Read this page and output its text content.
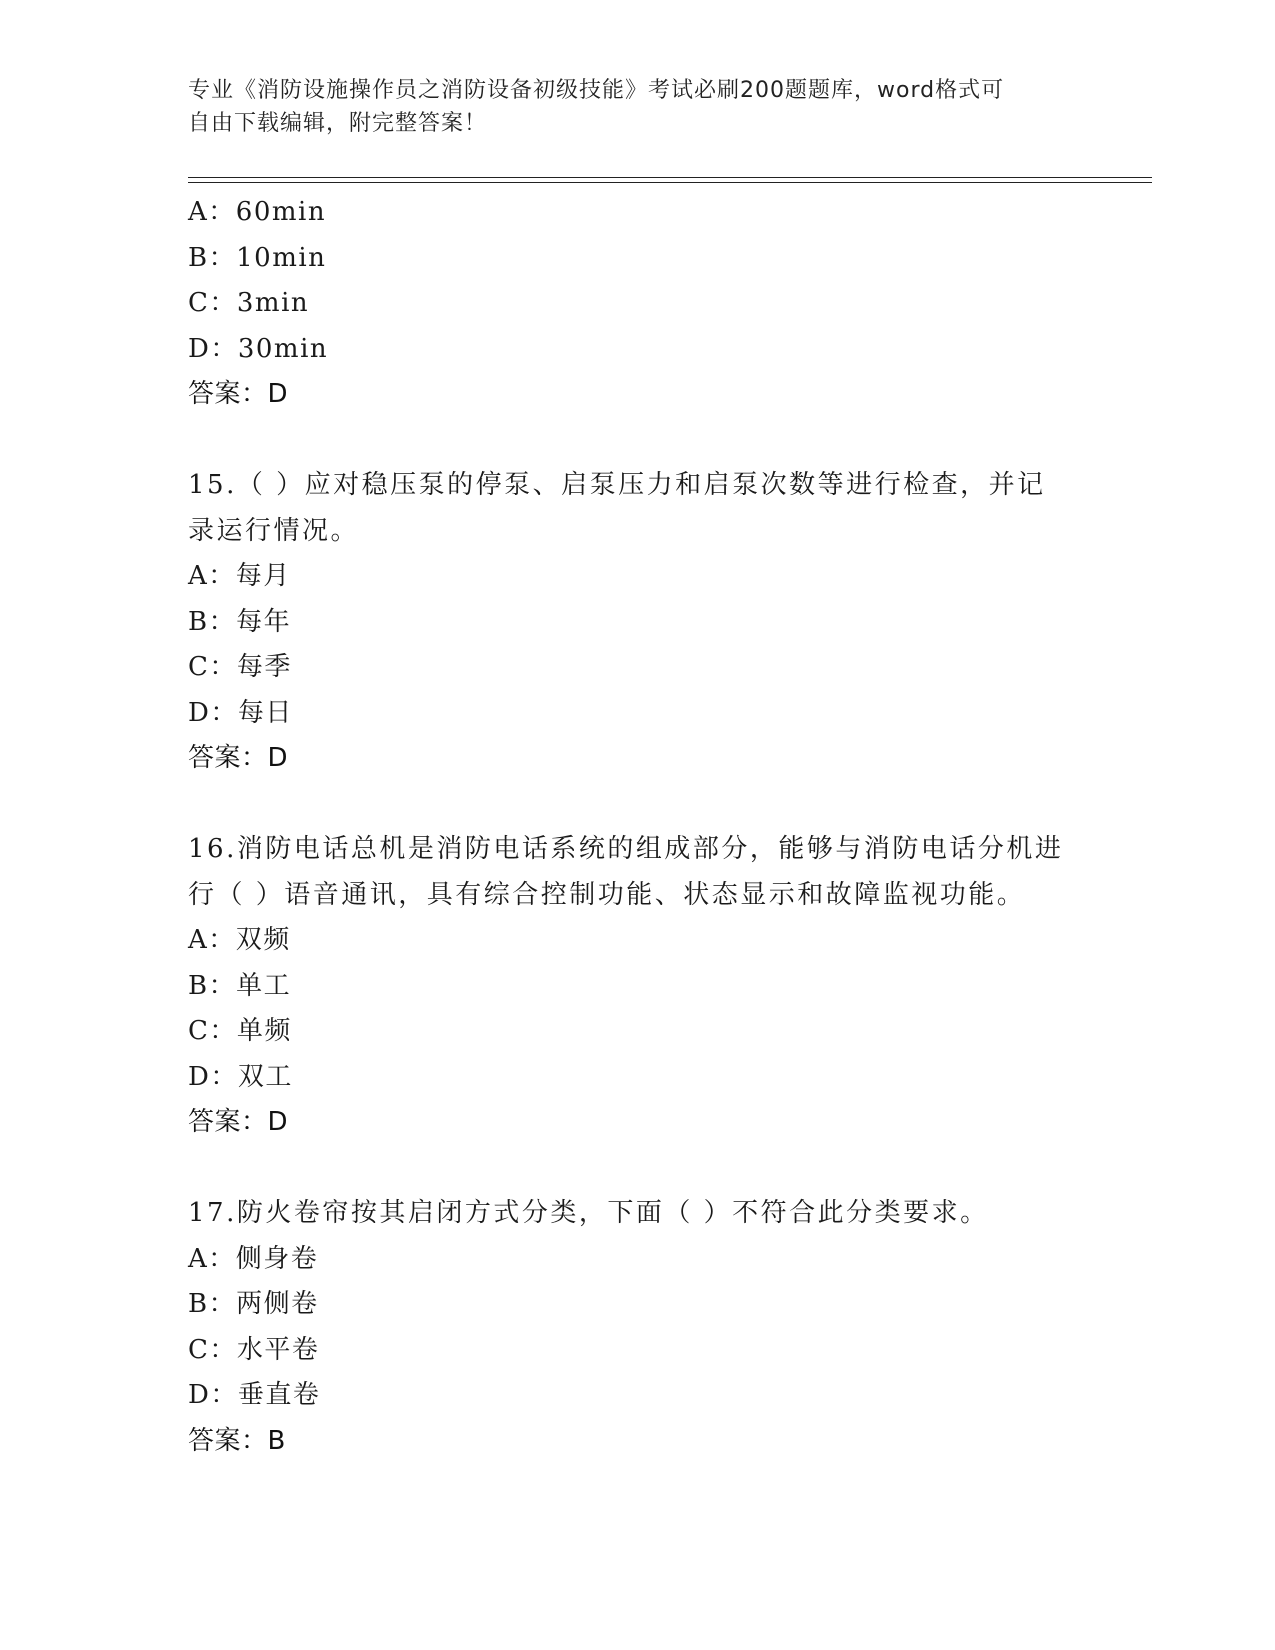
专业《消防设施操作员之消防设备初级技能》考试必刷200题题库，word格式可
自由下载编辑，附完整答案！
A：60min
B：10min
C：3min
D：30min
答案：D
15.（ ）应对稳压泵的停泵、启泵压力和启泵次数等进行检查，并记
录运行情况。
A：每月
B：每年
C：每季
D：每日
答案：D
16.消防电话总机是消防电话系统的组成部分，能够与消防电话分机进
行（ ）语音通讯，具有综合控制功能、状态显示和故障监视功能。
A：双频
B：单工
C：单频
D：双工
答案：D
17.防火卷帘按其启闭方式分类，下面（ ）不符合此分类要求。
A：侧身卷
B：两侧卷
C：水平卷
D：垂直卷
答案：B
